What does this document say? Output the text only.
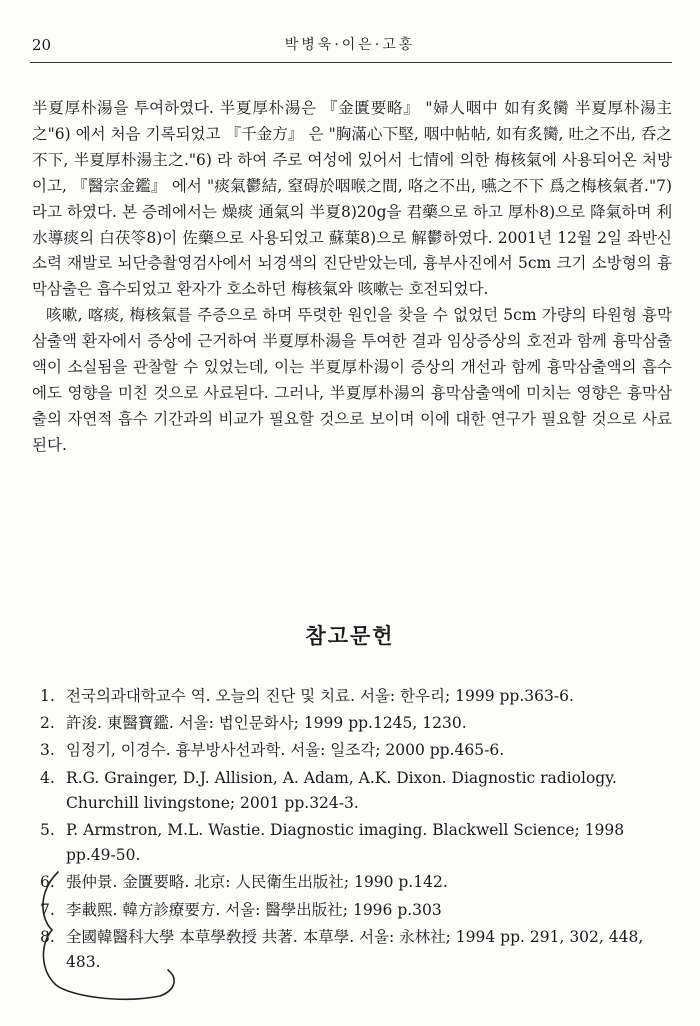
20	박병욱·이은·고홍

半夏厚朴湯을 투여하였다. 半夏厚朴湯은 『金匱要略』 "婦人咽中 如有炙臠 半夏厚朴湯主之"6) 에서 처음 기록되었고 『千金方』 은 "胸滿心下堅, 咽中帖帖, 如有炙臠, 吐之不出, 呑之不下, 半夏厚朴湯主之."6) 라 하여 주로 여성에 있어서 七情에 의한 梅核氣에 사용되어온 처방이고, 『醫宗金鑑』 에서 "痰氣鬱結, 窒碍於咽喉之間, 咯之不出, 嚥之不下 爲之梅核氣者."7) 라고 하였다. 본 증례에서는 燥痰 通氣의 半夏8)20g을 君藥으로 하고 厚朴8)으로 降氣하며 利水導痰의 白茯笭8)이 佐藥으로 사용되었고 蘇葉8)으로 解鬱하였다. 2001년 12월 2일 좌반신소력 재발로 뇌단층촬영검사에서 뇌경색의 진단받았는데, 흉부사진에서 5cm 크기 소방형의 흉막삼출은 흡수되었고 환자가 호소하던 梅核氣와 咳嗽는 호전되었다.

咳嗽, 喀痰, 梅核氣를 주증으로 하며 뚜렷한 원인을 찾을 수 없었던 5cm 가량의 타원형 흉막삼출액 환자에서 증상에 근거하여 半夏厚朴湯을 투여한 결과 임상증상의 호전과 함께 흉막삼출액이 소실됨을 관찰할 수 있었는데, 이는 半夏厚朴湯이 증상의 개선과 함께 흉막삼출액의 흡수에도 영향을 미친 것으로 사료된다. 그러나, 半夏厚朴湯의 흉막삼출액에 미치는 영향은 흉막삼출의 자연적 흡수 기간과의 비교가 필요할 것으로 보이며 이에 대한 연구가 필요할 것으로 사료된다.

참고문헌
1. 전국의과대학교수 역. 오늘의 진단 및 치료. 서울: 한우리; 1999 pp.363-6.
2. 許浚. 東醫寶鑑. 서울: 법인문화사; 1999 pp.1245, 1230.
3. 임정기, 이경수. 흉부방사선과학. 서울: 일조각; 2000 pp.465-6.
4. R.G. Grainger, D.J. Allision, A. Adam, A.K. Dixon. Diagnostic radiology. Churchill livingstone; 2001 pp.324-3.
5. P. Armstron, M.L. Wastie. Diagnostic imaging. Blackwell Science; 1998 pp.49-50.
6. 張仲景. 金匱要略. 北京: 人民衛生出版社; 1990 p.142.
7. 李載熙. 韓方診療要方. 서울: 醫學出版社; 1996 p.303
8. 全國韓醫科大學 本草學敎授 共著. 本草學. 서울: 永林社; 1994 pp. 291, 302, 448, 483.
